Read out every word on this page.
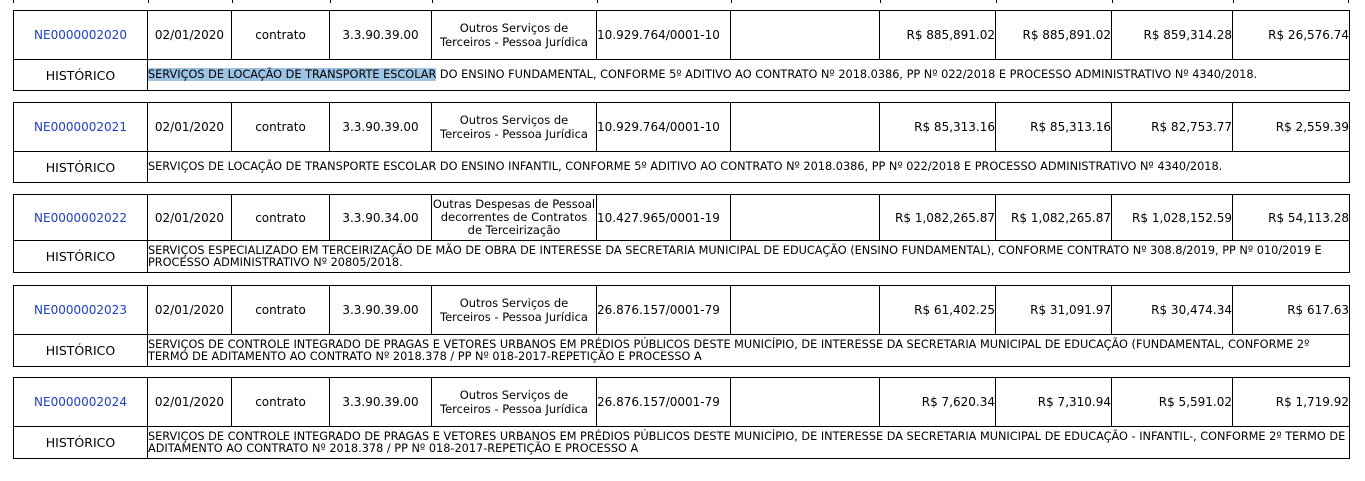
NE0000002020	02/01/2020	contrato	3.3.90.39.00	Outros Serviços de
Terceiros - Pessoa Jurídica	10.929.764/0001-10		R$ 885,891.02	R$ 885,891.02	R$ 859,314.28	R$ 26,576.74
HISTÓRICO	SERVIÇOS DE LOCAÇÃO DE TRANSPORTE ESCOLAR DO ENSINO FUNDAMENTAL, CONFORME 5º ADITIVO AO CONTRATO Nº 2018.0386, PP Nº 022/2018 E PROCESSO ADMINISTRATIVO Nº 4340/2018.									
NE0000002021	02/01/2020	contrato	3.3.90.39.00	Outros Serviços de
Terceiros - Pessoa Jurídica	10.929.764/0001-10		R$ 85,313.16	R$ 85,313.16	R$ 82,753.77	R$ 2,559.39
HISTÓRICO	SERVIÇOS DE LOCAÇÃO DE TRANSPORTE ESCOLAR DO ENSINO INFANTIL, CONFORME 5º ADITIVO AO CONTRATO Nº 2018.0386, PP Nº 022/2018 E PROCESSO ADMINISTRATIVO Nº 4340/2018.									
NE0000002022	02/01/2020	contrato	3.3.90.34.00	Outras Despesas de Pessoal
decorrentes de Contratos
de Terceirização	10.427.965/0001-19		R$ 1,082,265.87	R$ 1,082,265.87	R$ 1,028,152.59	R$ 54,113.28
HISTÓRICO	SERVIÇOS ESPECIALIZADO EM TERCEIRIZAÇÃO DE MÃO DE OBRA DE INTERESSE DA SECRETARIA MUNICIPAL DE EDUCAÇÃO (ENSINO FUNDAMENTAL), CONFORME CONTRATO Nº 308.8/2019, PP Nº 010/2019 E PROCESSO ADMINISTRATIVO Nº 20805/2018.									
NE0000002023	02/01/2020	contrato	3.3.90.39.00	Outros Serviços de
Terceiros - Pessoa Jurídica	26.876.157/0001-79		R$ 61,402.25	R$ 31,091.97	R$ 30,474.34	R$ 617.63
HISTÓRICO	SERVIÇOS DE CONTROLE INTEGRADO DE PRAGAS E VETORES URBANOS EM PRÉDIOS PÚBLICOS DESTE MUNICÍPIO, DE INTERESSE DA SECRETARIA MUNICIPAL DE EDUCAÇÃO (FUNDAMENTAL, CONFORME 2º TERMO DE ADITAMENTO AO CONTRATO Nº 2018.378 / PP Nº 018-2017-REPETIÇÃO E PROCESSO A									
NE0000002024	02/01/2020	contrato	3.3.90.39.00	Outros Serviços de
Terceiros - Pessoa Jurídica	26.876.157/0001-79		R$ 7,620.34	R$ 7,310.94	R$ 5,591.02	R$ 1,719.92
HISTÓRICO	SERVIÇOS DE CONTROLE INTEGRADO DE PRAGAS E VETORES URBANOS EM PRÉDIOS PÚBLICOS DESTE MUNICÍPIO, DE INTERESSE DA SECRETARIA MUNICIPAL DE EDUCAÇÃO - INFANTIL-, CONFORME 2º TERMO DE ADITAMENTO AO CONTRATO Nº 2018.378 / PP Nº 018-2017-REPETIÇÃO E PROCESSO A									
